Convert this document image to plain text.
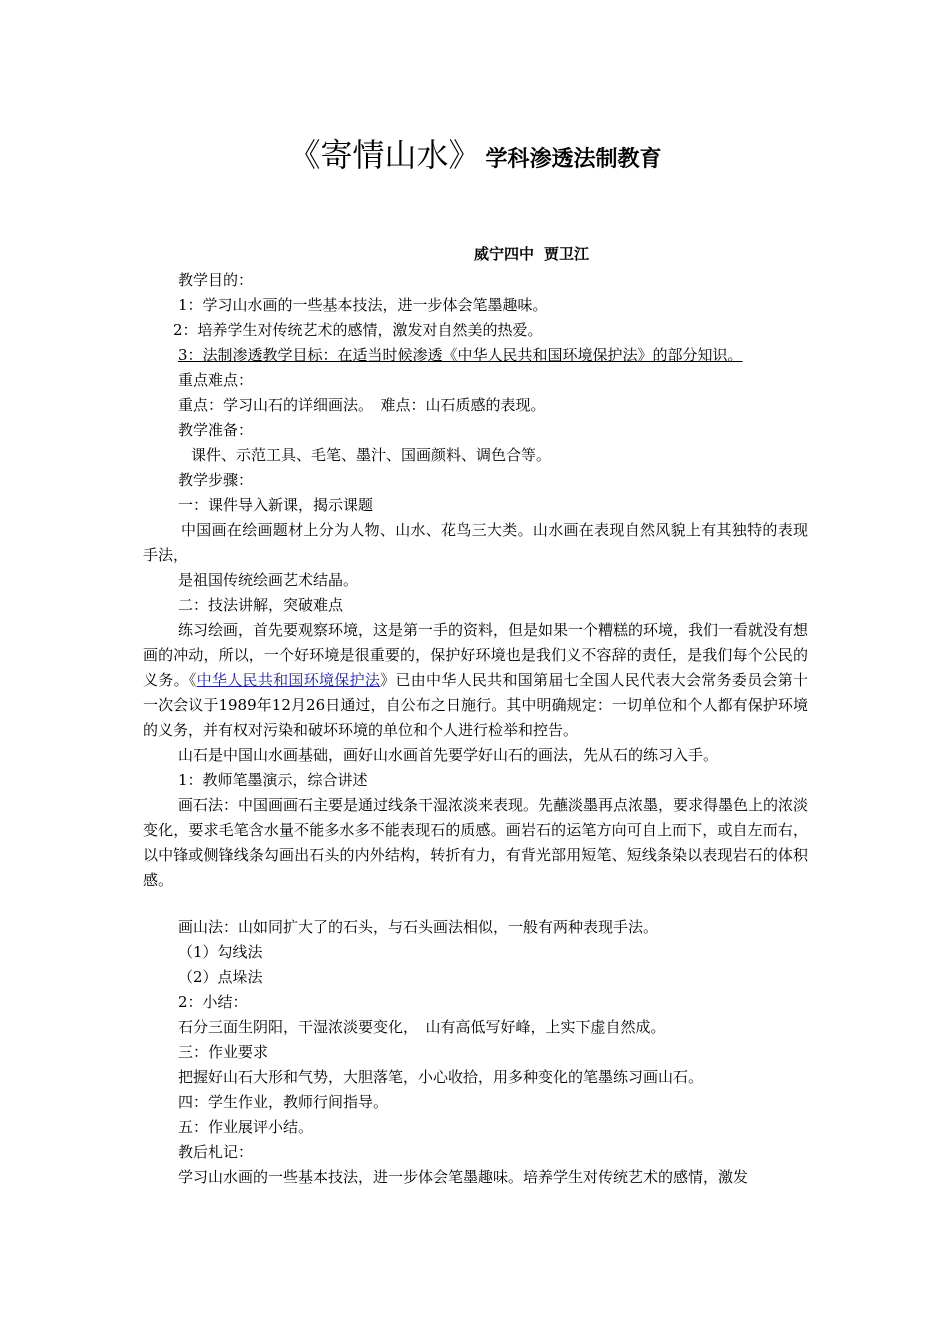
《寄情山水》 学科渗透法制教育
威宁四中 贾卫江

教学目的：

1：学习山水画的一些基本技法，进一步体会笔墨趣味。

2：培养学生对传统艺术的感情，激发对自然美的热爱。

3：法制渗透教学目标：在适当时候渗透《中华人民共和国环境保护法》的部分知识。

重点难点：

重点：学习山石的详细画法。　难点：山石质感的表现。

教学准备：

课件、示范工具、毛笔、墨汁、国画颜料、调色合等。

教学步骤：

一：课件导入新课，揭示课题

中国画在绘画题材上分为人物、山水、花鸟三大类。山水画在表现自然风貌上有其独特的表现手法，

是祖国传统绘画艺术结晶。

二：技法讲解，突破难点

练习绘画，首先要观察环境，这是第一手的资料，但是如果一个糟糕的环境，我们一看就没有想画的冲动，所以，一个好环境是很重要的，保护好环境也是我们义不容辞的责任，是我们每个公民的义务。《中华人民共和国环境保护法》已由中华人民共和国第届七全国人民代表大会常务委员会第十一次会议于1989年12月26日通过，自公布之日施行。其中明确规定：一切单位和个人都有保护环境的义务，并有权对污染和破坏环境的单位和个人进行检举和控告。

山石是中国山水画基础，画好山水画首先要学好山石的画法，先从石的练习入手。

1：教师笔墨演示，综合讲述

画石法：中国画画石主要是通过线条干湿浓淡来表现。先蘸淡墨再点浓墨，要求得墨色上的浓淡变化，要求毛笔含水量不能多水多不能表现石的质感。画岩石的运笔方向可自上而下，或自左而右，以中锋或侧锋线条勾画出石头的内外结构，转折有力，有背光部用短笔、短线条染以表现岩石的体积感。

画山法：山如同扩大了的石头，与石头画法相似，一般有两种表现手法。

（1）勾线法

（2）点垛法

2：小结：

石分三面生阴阳，干湿浓淡要变化，　山有高低写好峰，上实下虚自然成。

三：作业要求

把握好山石大形和气势，大胆落笔，小心收拾，用多种变化的笔墨练习画山石。

四：学生作业，教师行间指导。

五：作业展评小结。

教后札记：

学习山水画的一些基本技法，进一步体会笔墨趣味。培养学生对传统艺术的感情，激发
